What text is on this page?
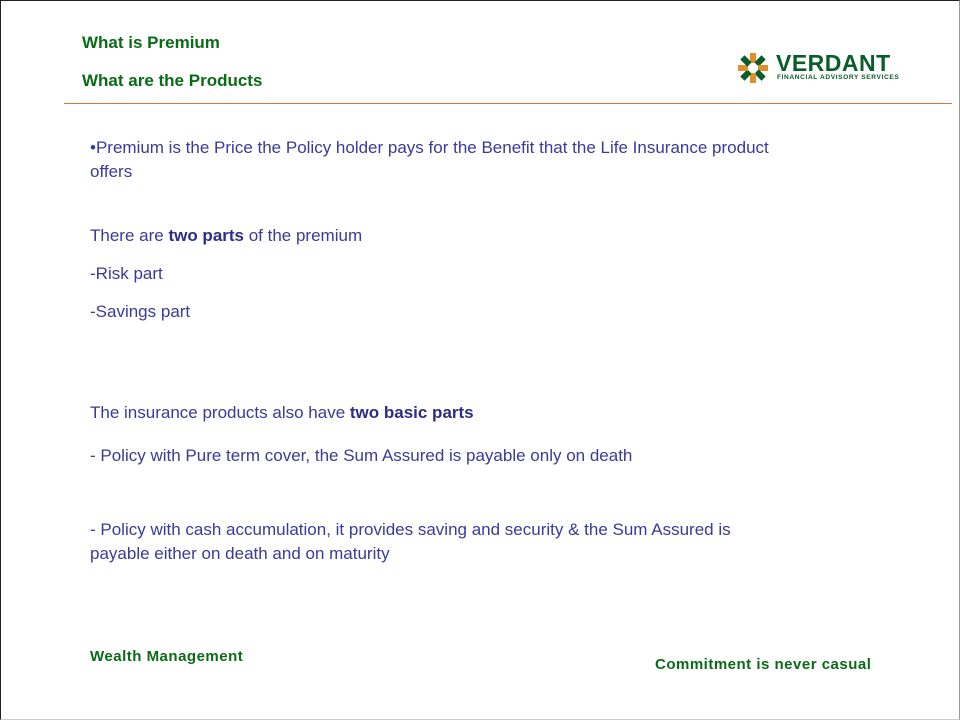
What is Premium
What are the Products
VERDANT
FINANCIAL ADVISORY SERVICES
•Premium is the Price the Policy holder pays for the Benefit that the Life Insurance product offers
There are two parts of the premium
-Risk part
-Savings part
The insurance products also have two basic parts
- Policy with Pure term cover, the Sum Assured is payable only on death
- Policy with cash accumulation, it provides saving and security & the Sum Assured is payable either on death and on maturity
Wealth Management	Commitment is never casual
